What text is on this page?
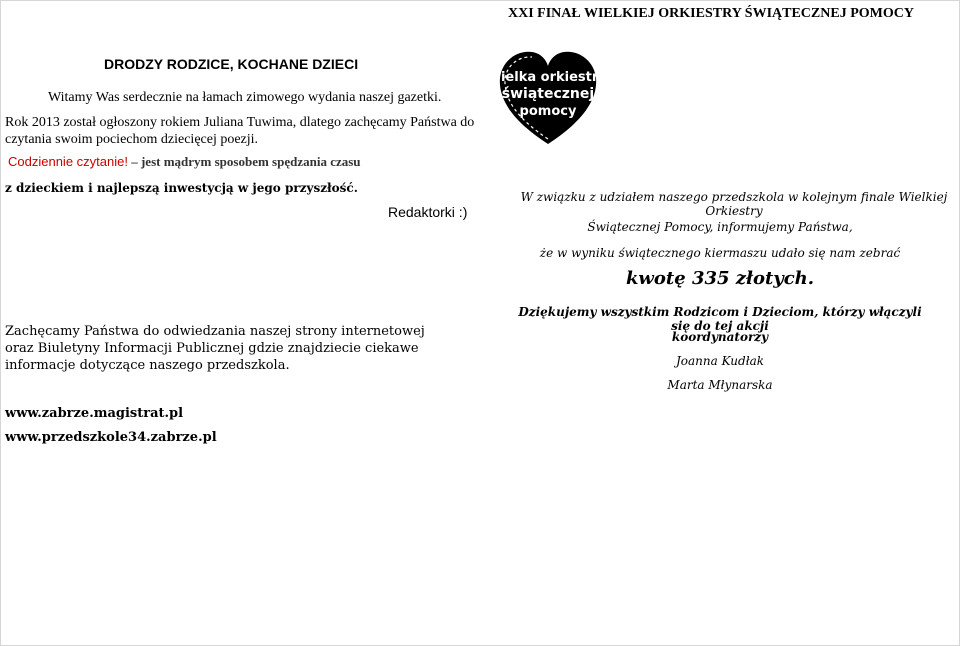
DRODZY RODZICE, KOCHANE DZIECI

Witamy Was serdecznie na łamach zimowego wydania naszej gazetki.

Rok 2013 został ogłoszony rokiem Juliana Tuwima, dlatego zachęcamy Państwa do czytania swoim pociechom dziecięcej poezji.

Codziennie czytanie! – jest mądrym sposobem spędzania czasu

z dzieckiem i najlepszą inwestycją w jego przyszłość.

Redaktorki :)

Zachęcamy Państwa do odwiedzania naszej strony internetowej oraz Biuletyny Informacji Publicznej gdzie znajdziecie ciekawe informacje dotyczące naszego przedszkola.

www.zabrze.magistrat.pl

www.przedszkole34.zabrze.pl

XXI FINAŁ WIELKIEJ ORKIESTRY ŚWIĄTECZNEJ POMOCY

wielka orkiestra
świątecznej
pomocy

W związku z udziałem naszego przedszkola w kolejnym finale Wielkiej Orkiestry

Świątecznej Pomocy, informujemy Państwa,

że w wyniku świątecznego kiermaszu udało się nam zebrać

kwotę 335 złotych.

Dziękujemy wszystkim Rodzicom i Dzieciom, którzy włączyli się do tej akcji

koordynatorzy

Joanna Kudłak

Marta Młynarska
